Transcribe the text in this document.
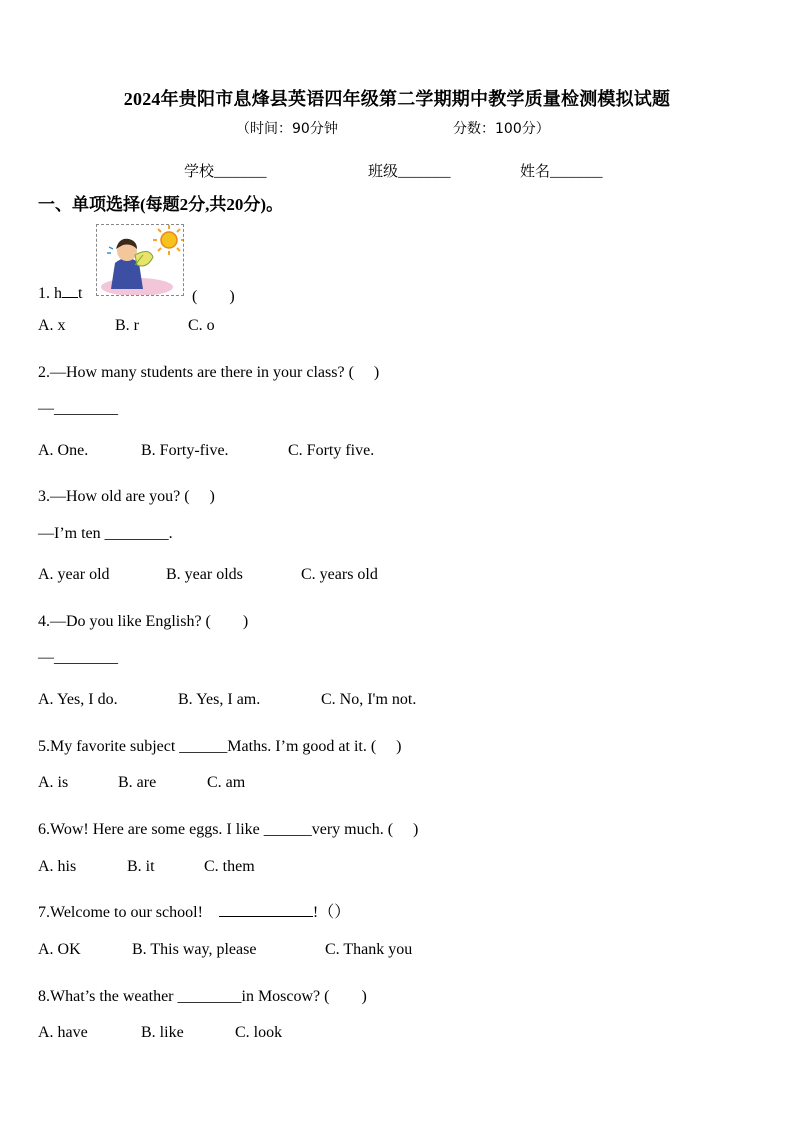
2024年贵阳市息烽县英语四年级第二学期期中教学质量检测模拟试题
（时间：90分钟	分数：100分）
学校_______	班级_______	姓名_______
一、单项选择(每题2分,共20分)。
1. h t	(　　)
A. x	B. r	C. o
2.—How many students are there in your class? (　 )
—________
A. One.	B. Forty-five.	C. Forty five.
3.—How old are you? (　 )
—I’m ten ________.
A. year old	B. year olds	C. years old
4.—Do you like English? (　　)
—________
A. Yes, I do.	B. Yes, I am.	C. No, I'm not.
5.My favorite subject ______Maths. I’m good at it. (　 )
A. is	B. are	C. am
6.Wow! Here are some eggs. I like ______very much. (　 )
A. his	B. it	C. them
7.Welcome to our school!	!（）
A. OK	B. This way, please	C. Thank you
8.What’s the weather ________in Moscow? (　　)
A. have	B. like	C. look
